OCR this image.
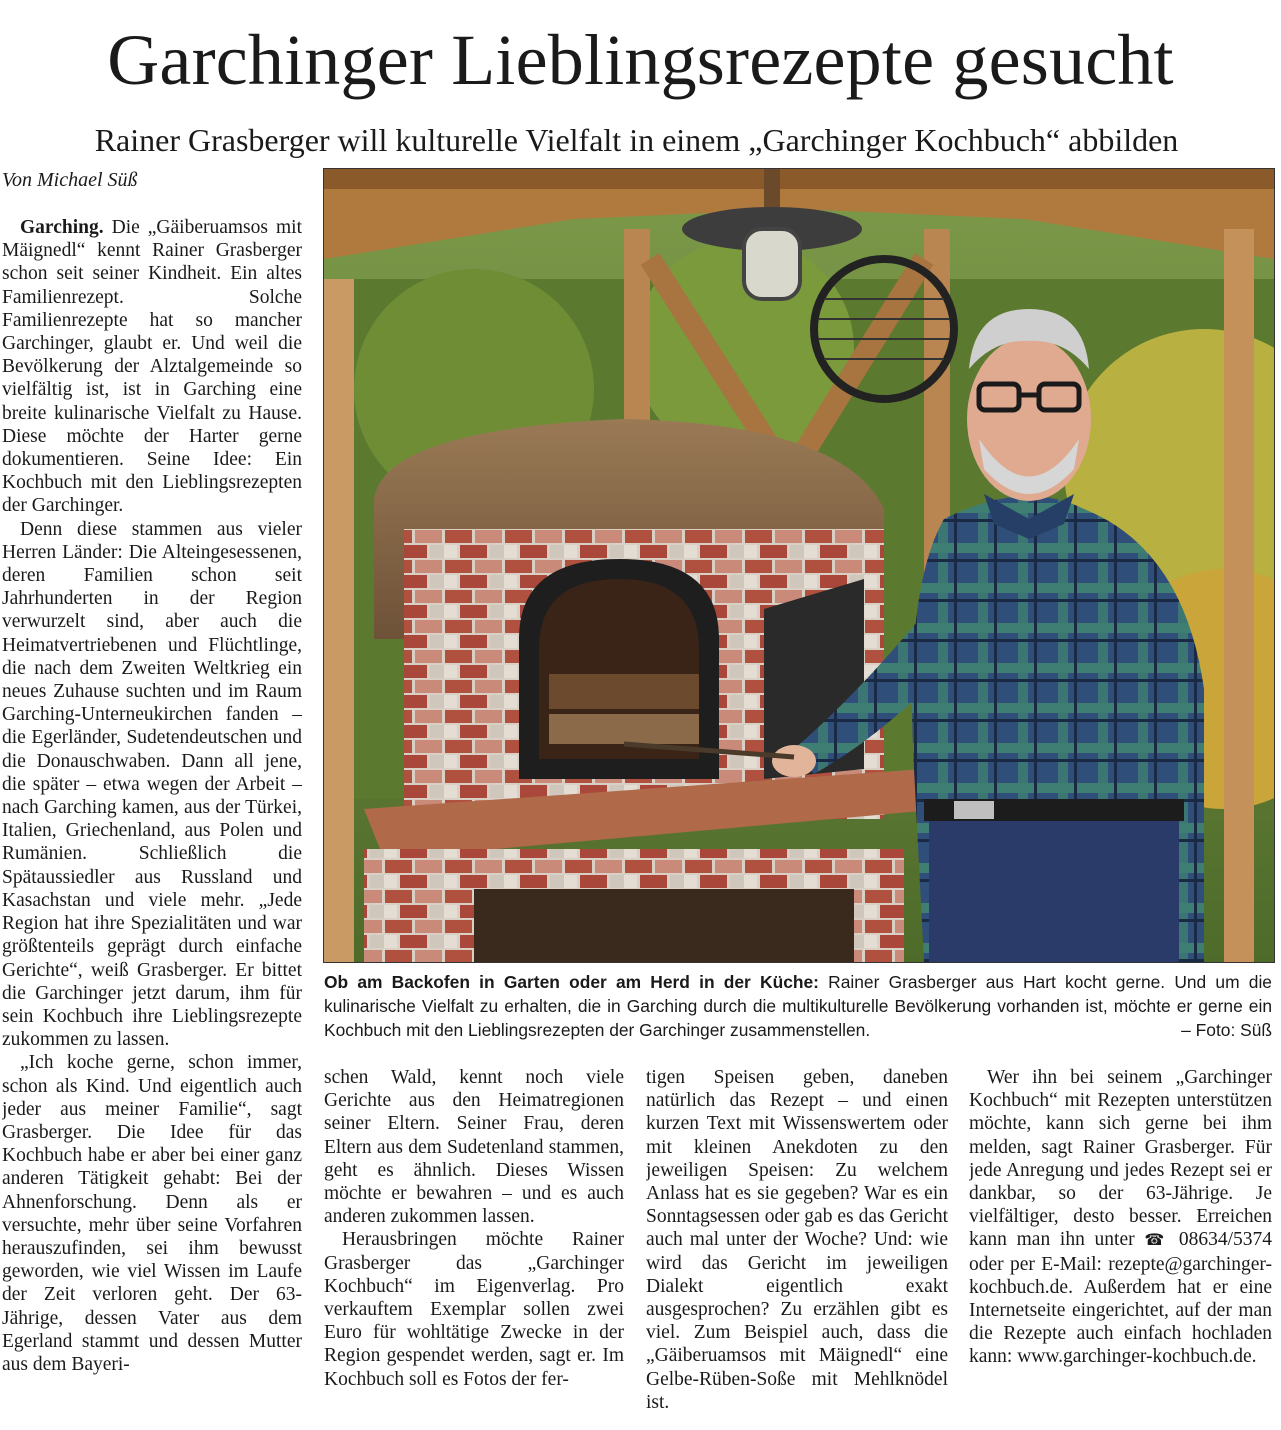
Garchinger Lieblingsrezepte gesucht
Rainer Grasberger will kulturelle Vielfalt in einem „Garchinger Kochbuch“ abbilden
Von Michael Süß

Garching. Die „Gäiberuamsos mit Mäignedl“ kennt Rainer Grasberger schon seit seiner Kindheit. Ein altes Familienrezept. Solche Familienrezepte hat so mancher Garchinger, glaubt er. Und weil die Bevölkerung der Alztalgemeinde so vielfältig ist, ist in Garching eine breite kulinarische Vielfalt zu Hause. Diese möchte der Harter gerne dokumentieren. Seine Idee: Ein Kochbuch mit den Lieblingsrezepten der Garchinger.

Denn diese stammen aus vieler Herren Länder: Die Alteingesessenen, deren Familien schon seit Jahrhunderten in der Region verwurzelt sind, aber auch die Heimatvertriebenen und Flüchtlinge, die nach dem Zweiten Weltkrieg ein neues Zuhause suchten und im Raum Garching-Unterneukirchen fanden – die Egerländer, Sudetendeutschen und die Donauschwaben. Dann all jene, die später – etwa wegen der Arbeit – nach Garching kamen, aus der Türkei, Italien, Griechenland, aus Polen und Rumänien. Schließlich die Spätaussiedler aus Russland und Kasachstan und viele mehr. „Jede Region hat ihre Spezialitäten und war größtenteils geprägt durch einfache Gerichte“, weiß Grasberger. Er bittet die Garchinger jetzt darum, ihm für sein Kochbuch ihre Lieblingsrezepte zukommen zu lassen.

„Ich koche gerne, schon immer, schon als Kind. Und eigentlich auch jeder aus meiner Familie“, sagt Grasberger. Die Idee für das Kochbuch habe er aber bei einer ganz anderen Tätigkeit gehabt: Bei der Ahnenforschung. Denn als er versuchte, mehr über seine Vorfahren herauszufinden, sei ihm bewusst geworden, wie viel Wissen im Laufe der Zeit verloren geht. Der 63-Jährige, dessen Vater aus dem Egerland stammt und dessen Mutter aus dem Bayeri-

Ob am Backofen in Garten oder am Herd in der Küche: Rainer Grasberger aus Hart kocht gerne. Und um die kulinarische Vielfalt zu erhalten, die in Garching durch die multikulturelle Bevölkerung vorhanden ist, möchte er gerne ein Kochbuch mit den Lieblingsrezepten der Garchinger zusammenstellen.	– Foto: Süß

schen Wald, kennt noch viele Gerichte aus den Heimatregionen seiner Eltern. Seiner Frau, deren Eltern aus dem Sudetenland stammen, geht es ähnlich. Dieses Wissen möchte er bewahren – und es auch anderen zukommen lassen.

Herausbringen möchte Rainer Grasberger das „Garchinger Kochbuch“ im Eigenverlag. Pro verkauftem Exemplar sollen zwei Euro für wohltätige Zwecke in der Region gespendet werden, sagt er. Im Kochbuch soll es Fotos der fer-

tigen Speisen geben, daneben natürlich das Rezept – und einen kurzen Text mit Wissenswertem oder mit kleinen Anekdoten zu den jeweiligen Speisen: Zu welchem Anlass hat es sie gegeben? War es ein Sonntagsessen oder gab es das Gericht auch mal unter der Woche? Und: wie wird das Gericht im jeweiligen Dialekt eigentlich exakt ausgesprochen? Zu erzählen gibt es viel. Zum Beispiel auch, dass die „Gäiberuamsos mit Mäignedl“ eine Gelbe-Rüben-Soße mit Mehlknödel ist.

Wer ihn bei seinem „Garchinger Kochbuch“ mit Rezepten unterstützen möchte, kann sich gerne bei ihm melden, sagt Rainer Grasberger. Für jede Anregung und jedes Rezept sei er dankbar, so der 63-Jährige. Je vielfältiger, desto besser. Erreichen kann man ihn unter ☎ 08634/5374 oder per E-Mail: rezepte@garchinger-kochbuch.de. Außerdem hat er eine Internetseite eingerichtet, auf der man die Rezepte auch einfach hochladen kann: www.garchinger-kochbuch.de.
